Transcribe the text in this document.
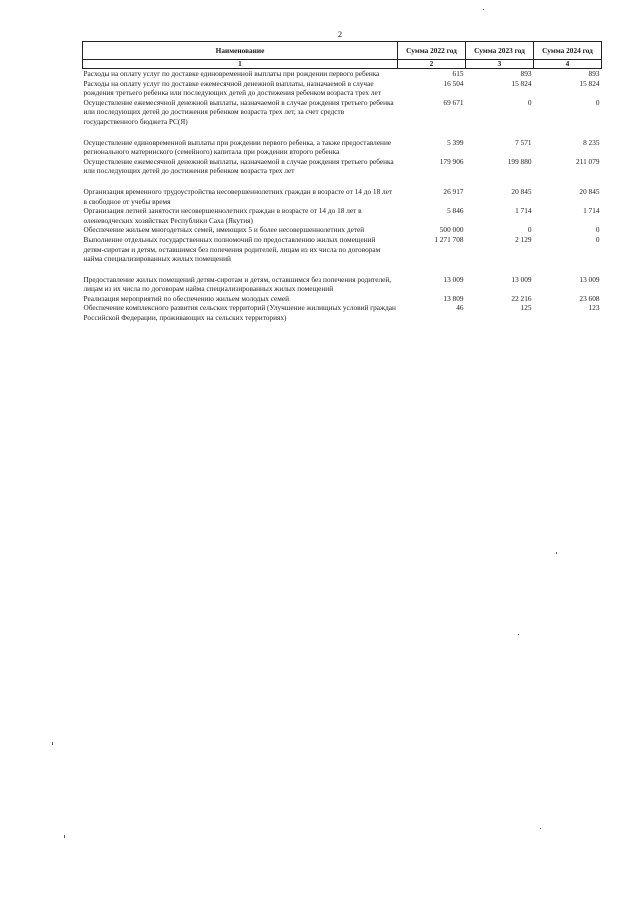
2
Наименование	Сумма 2022 год	Сумма 2023 год	Сумма 2024 год
1	2	3	4
Расходы на оплату услуг по доставке единовременной выплаты при рождении первого ребенка	615	893	893
Расходы на оплату услуг по доставке ежемесячной денежной выплаты, назначаемой в случае рождения третьего ребенка или последующих детей до достижения ребенком возраста трех лет	16 504	15 824	15 824
Осуществление ежемесячной денежной выплаты, назначаемой в случае рождения третьего ребенка или последующих детей до достижения ребенком возраста трех лет, за счет средств государственного бюджета РС(Я)	69 671	0	0

Осуществление единовременной выплаты при рождении первого ребенка, а также предоставление регионального материнского (семейного) капитала при рождении второго ребенка	5 399	7 571	8 235
Осуществление ежемесячной денежной выплаты, назначаемой в случае рождения третьего ребенка или последующих детей до достижения ребенком возраста трех лет	179 906	199 880	211 079

Организация временного трудоустройства несовершеннолетних граждан в возрасте от 14 до 18 лет в свободное от учебы время	26 917	20 845	20 845
Организация летней занятости несовершеннолетних граждан в возрасте от 14 до 18 лет в оленеводческих хозяйствах Республики Саха (Якутия)	5 846	1 714	1 714
Обеспечение жильем многодетных семей, имеющих 5 и более несовершеннолетних детей	500 000	0	0
Выполнение отдельных государственных полномочий по предоставлению жилых помещений детям-сиротам и детям, оставшимся без попечения родителей, лицам из их числа по договорам найма специализированных жилых помещений	1 271 708	2 129	0

Предоставление жилых помещений детям-сиротам и детям, оставшимся без попечения родителей, лицам из их числа по договорам найма специализированных жилых помещений	13 009	13 009	13 009
Реализация мероприятий по обеспечению жильем молодых семей	13 809	22 216	23 608
Обеспечение комплексного развития сельских территорий (Улучшение жилищных условий граждан Российской Федерации, проживающих на сельских территориях)	46	125	123
